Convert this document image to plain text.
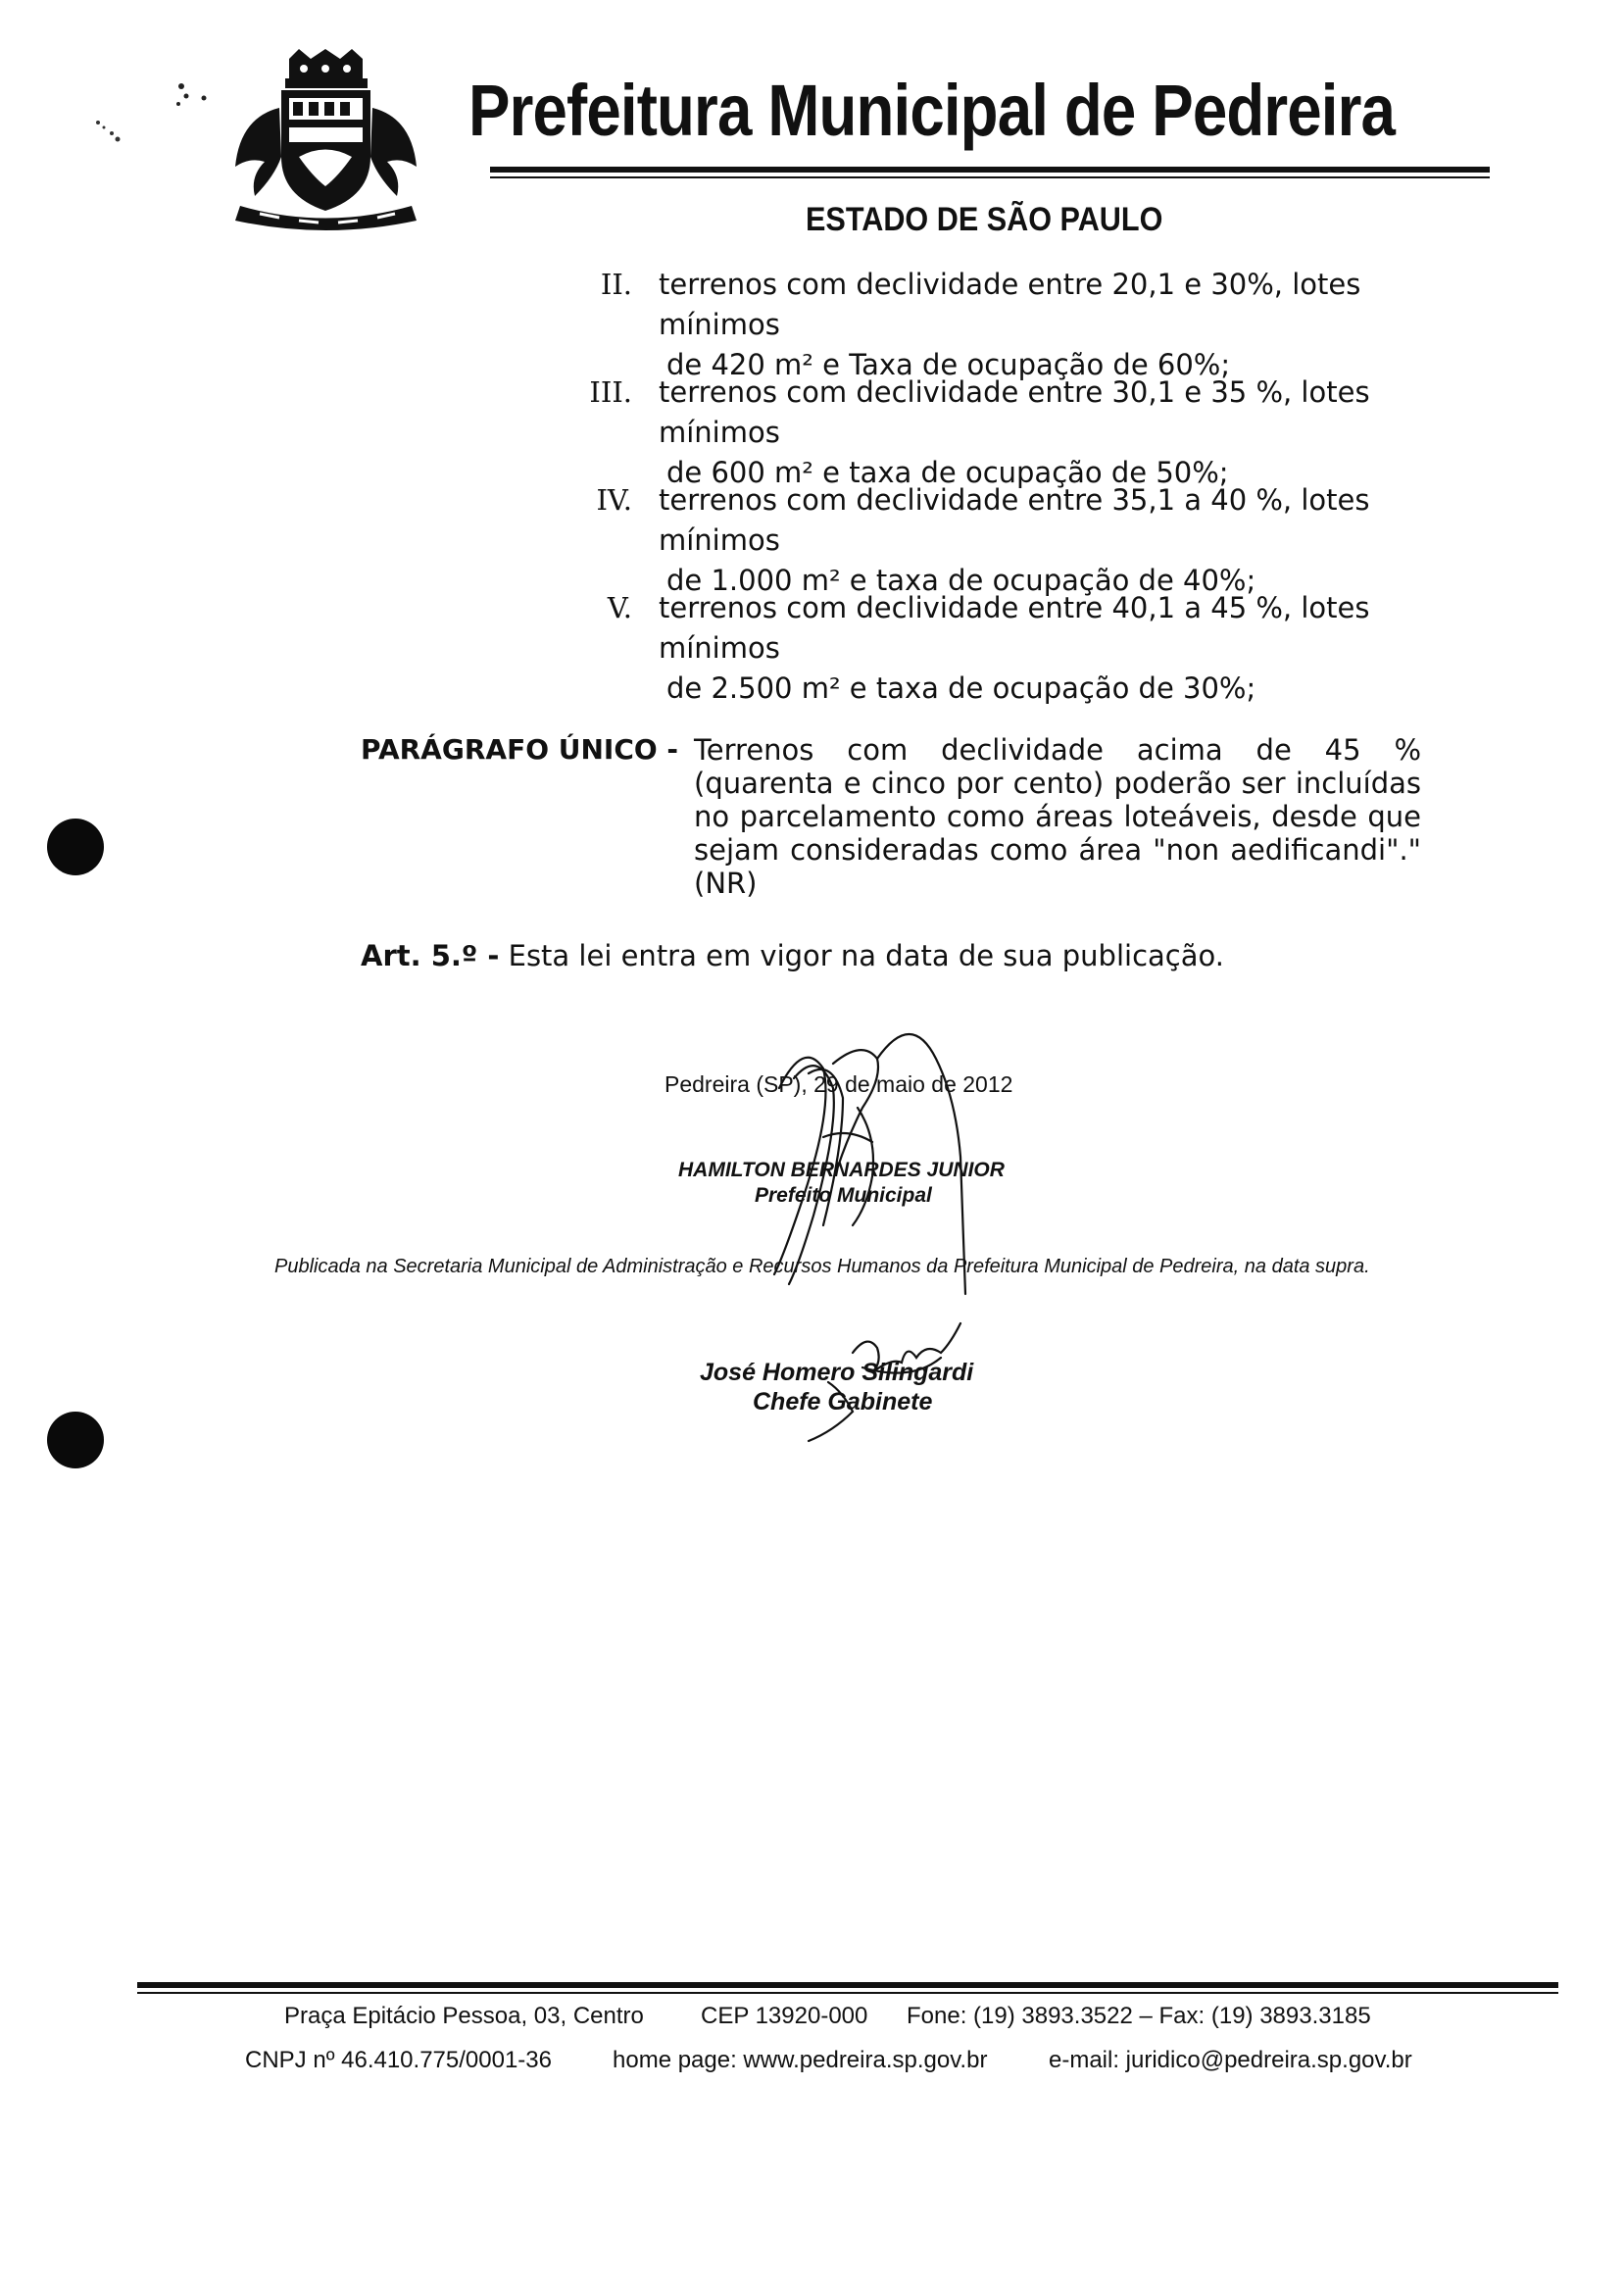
Prefeitura Municipal de Pedreira
ESTADO DE SÃO PAULO
II. terrenos com declividade entre 20,1 e 30%, lotes mínimos
de 420 m² e Taxa de ocupação de 60%;
III. terrenos com declividade entre 30,1 e 35 %, lotes mínimos
de 600 m² e taxa de ocupação de 50%;
IV. terrenos com declividade entre 35,1 a 40 %, lotes mínimos
de 1.000 m² e taxa de ocupação de 40%;
V. terrenos com declividade entre 40,1 a 45 %, lotes mínimos
de 2.500 m² e taxa de ocupação de 30%;
PARÁGRAFO ÚNICO - Terrenos com declividade acima de 45 % (quarenta e cinco por cento) poderão ser incluídas no parcelamento como áreas loteáveis, desde que sejam consideradas como área "non aedificandi"."(NR)
Art. 5.º - Esta lei entra em vigor na data de sua publicação.
Pedreira (SP), 29 de maio de 2012
HAMILTON BERNARDES JUNIOR
Prefeito Municipal
Publicada na Secretaria Municipal de Administração e Recursos Humanos da Prefeitura Municipal de Pedreira, na data supra.
José Homero Silingardi
Chefe Gabinete
Praça Epitácio Pessoa, 03, Centro CEP 13920-000 Fone: (19) 3893.3522 – Fax: (19) 3893.3185
CNPJ nº 46.410.775/0001-36	home page: www.pedreira.sp.gov.br	e-mail: juridico@pedreira.sp.gov.br
